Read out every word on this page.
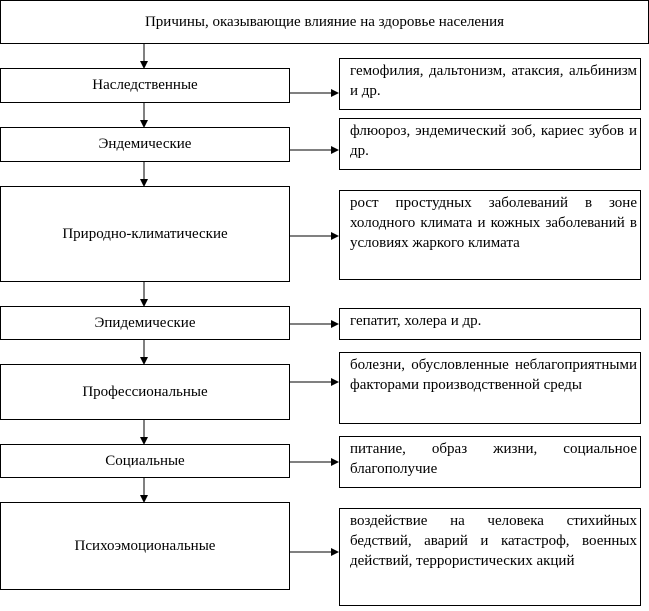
Причины, оказывающие влияние на здоровье населения
Наследственные
Эндемические
Природно-климатические
Эпидемические
Профессиональные
Социальные
Психоэмоциональные
гемофилия, дальтонизм, атаксия, альбинизм и др.
флюороз, эндемический зоб, кариес зубов и др.
рост простудных заболеваний в зоне холодного климата и кожных заболеваний в условиях жаркого климата
гепатит, холера и др.
болезни, обусловленные неблагоприятными факторами производственной среды
питание, образ жизни, социальное благополучие
воздействие на человека стихийных бедствий, аварий и катастроф, военных действий, террористических акций
